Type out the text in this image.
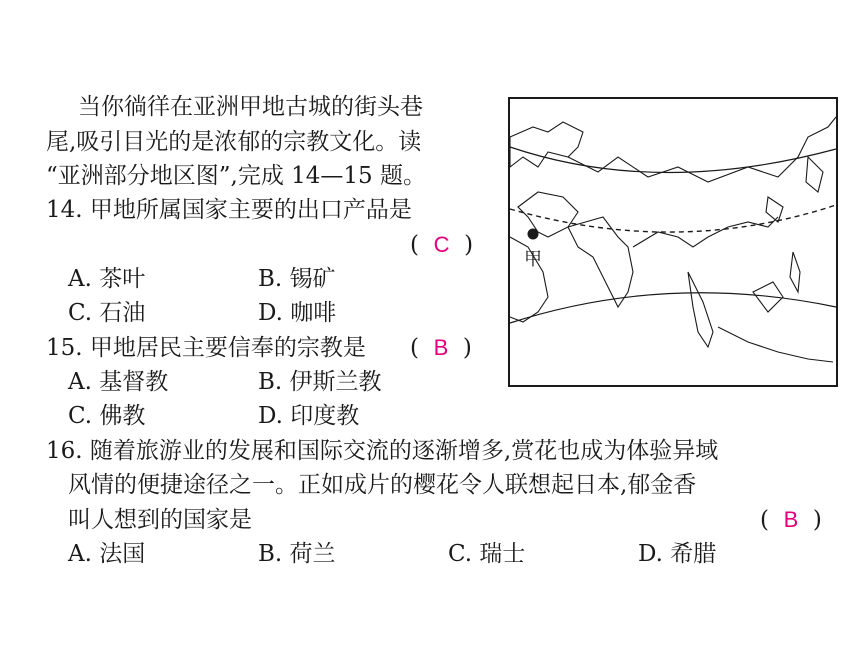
当你徜徉在亚洲甲地古城的街头巷
尾,吸引目光的是浓郁的宗教文化。读
“亚洲部分地区图”,完成 14—15 题。
14. 甲地所属国家主要的出口产品是
(  C  )
A. 茶叶	B. 锡矿
C. 石油	D. 咖啡
15. 甲地居民主要信奉的宗教是 (  B  )
A. 基督教	B. 伊斯兰教
C. 佛教	D. 印度教
16. 随着旅游业的发展和国际交流的逐渐增多,赏花也成为体验异域
风情的便捷途径之一。正如成片的樱花令人联想起日本,郁金香
叫人想到的国家是	(  B  )
A. 法国	B. 荷兰	C. 瑞士	D. 希腊
甲
